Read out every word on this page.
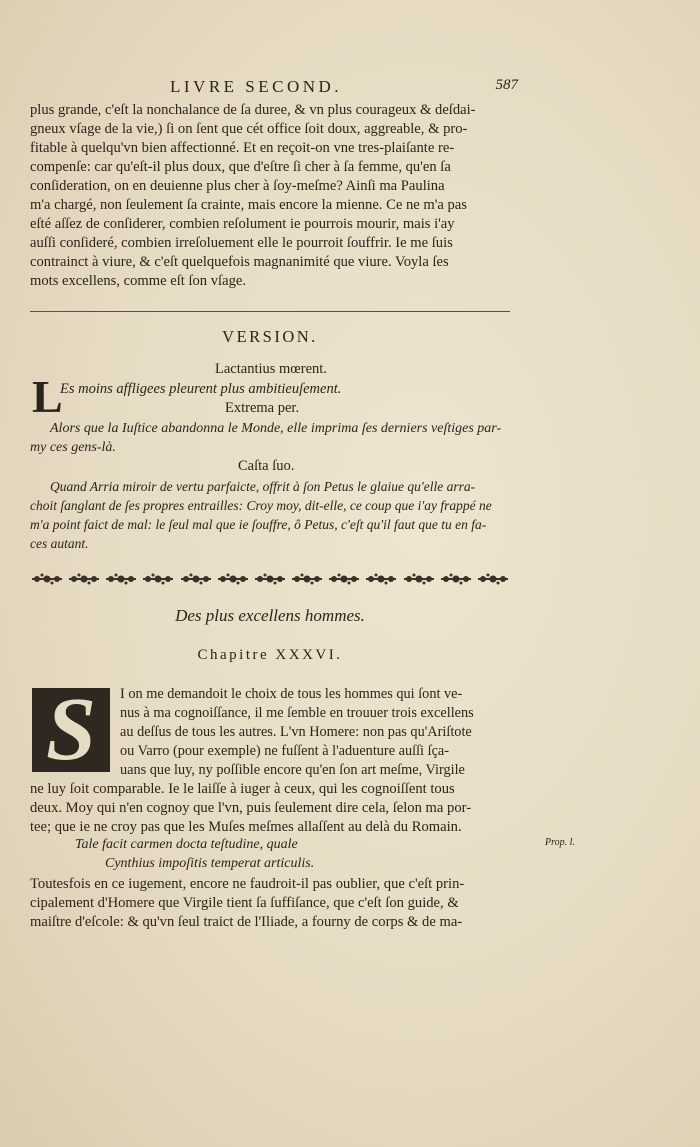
LIVRE SECOND.	587
plus grande, c'eſt la nonchalance de ſa duree, & vn plus courageux & deſdai-
gneux vſage de la vie,) ſi on ſent que cét office ſoit doux, aggreable, & pro-
fitable à quelqu'vn bien affectionné. Et en reçoit-on vne tres-plaiſante re-
compenſe: car qu'eſt-il plus doux, que d'eſtre ſi cher à ſa femme, qu'en ſa
conſideration, on en deuienne plus cher à ſoy-meſme? Ainſi ma Paulina
m'a chargé, non ſeulement ſa crainte, mais encore la mienne. Ce ne m'a pas
eſté aſſez de conſiderer, combien reſolument ie pourrois mourir, mais i'ay
auſſi conſideré, combien irreſoluement elle le pourroit ſouffrir. Ie me ſuis
contrainct à viure, & c'eſt quelquefois magnanimité que viure. Voyla ſes
mots excellens, comme eſt ſon vſage.
VERSION.
Lactantius mœrent.
L
Es moins affligees pleurent plus ambitieuſement.
Extrema per.
Alors que la Iuſtice abandonna le Monde, elle imprima ſes derniers veſtiges par-
my ces gens-là.
Caſta ſuo.
Quand Arria miroir de vertu parfaicte, offrit à ſon Petus le glaiue qu'elle arra-
choit ſanglant de ſes propres entrailles: Croy moy, dit-elle, ce coup que i'ay frappé ne
m'a point faict de mal: le ſeul mal que ie ſouffre, ô Petus, c'eſt qu'il faut que tu en fa-
ces autant.
Des plus excellens hommes.
Chapitre XXXVI.
S I on me demandoit le choix de tous les hommes qui ſont ve-
nus à ma cognoiſſance, il me ſemble en trouuer trois excellens
au deſſus de tous les autres. L'vn Homere: non pas qu'Ariſtote
ou Varro (pour exemple) ne fuſſent à l'aduenture auſſi ſça-
uans que luy, ny poſſible encore qu'en ſon art meſme, Virgile
ne luy ſoit comparable. Ie le laiſſe à iuger à ceux, qui les cognoiſſent tous
deux. Moy qui n'en cognoy que l'vn, puis ſeulement dire cela, ſelon ma por-
tee; que ie ne croy pas que les Muſes meſmes allaſſent au delà du Romain.
Tale facit carmen docta teſtudine, quale
Cynthius impoſitis temperat articulis.
Prop. l.
Toutesfois en ce iugement, encore ne faudroit-il pas oublier, que c'eſt prin-
cipalement d'Homere que Virgile tient ſa ſuffiſance, que c'eſt ſon guide, &
maiſtre d'eſcole: & qu'vn ſeul traict de l'Iliade, a fourny de corps & de ma-
